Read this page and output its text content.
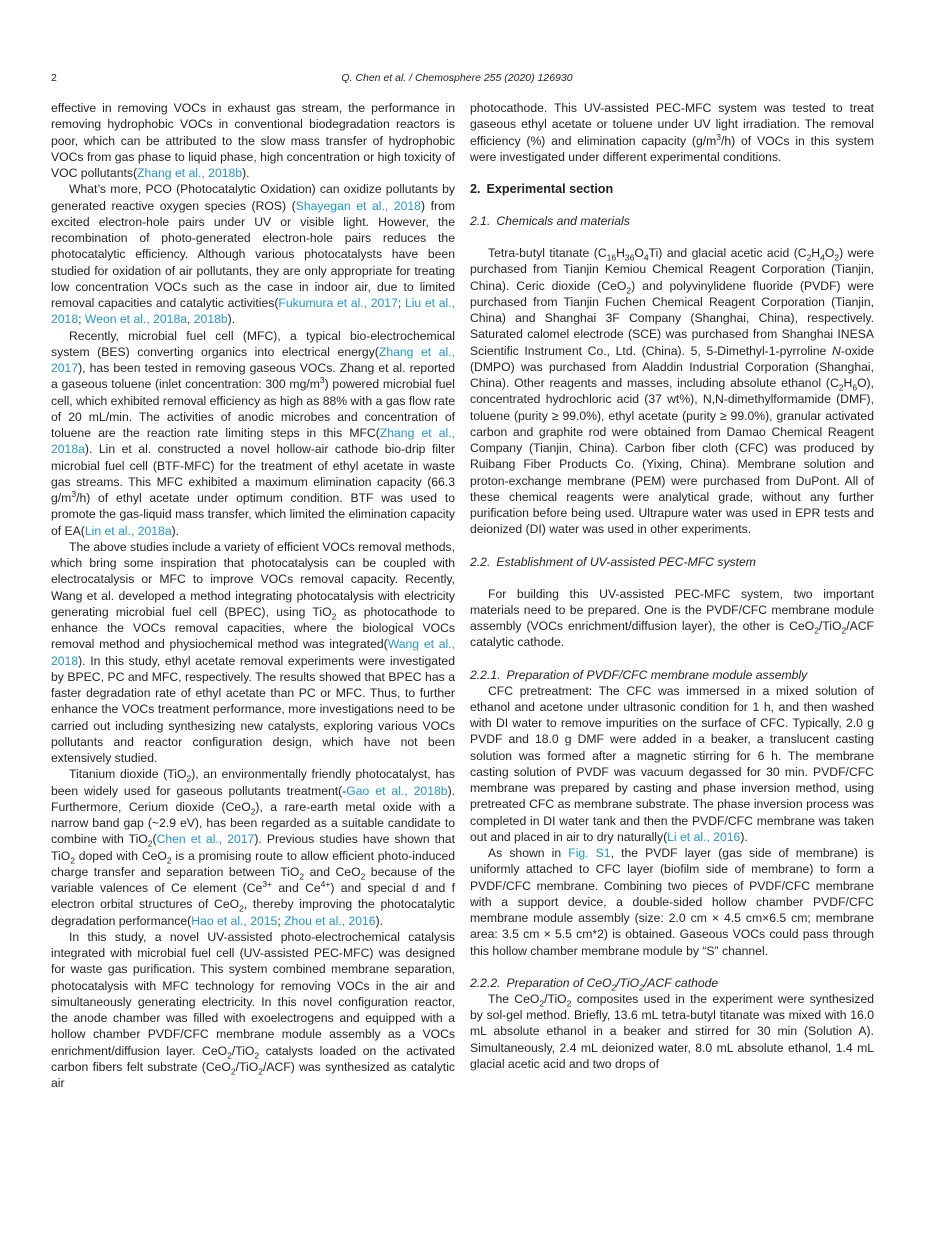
2	Q. Chen et al. / Chemosphere 255 (2020) 126930

effective in removing VOCs in exhaust gas stream, the performance in removing hydrophobic VOCs in conventional biodegradation reactors is poor, which can be attributed to the slow mass transfer of hydrophobic VOCs from gas phase to liquid phase, high concentration or high toxicity of VOC pollutants(Zhang et al., 2018b).

What’s more, PCO (Photocatalytic Oxidation) can oxidize pollutants by generated reactive oxygen species (ROS) (Shayegan et al., 2018) from excited electron-hole pairs under UV or visible light. However, the recombination of photo-generated electron-hole pairs reduces the photocatalytic efficiency. Although various photocatalysts have been studied for oxidation of air pollutants, they are only appropriate for treating low concentration VOCs such as the case in indoor air, due to limited removal capacities and catalytic activities(Fukumura et al., 2017; Liu et al., 2018; Weon et al., 2018a, 2018b).

Recently, microbial fuel cell (MFC), a typical bio-electrochemical system (BES) converting organics into electrical energy(Zhang et al., 2017), has been tested in removing gaseous VOCs. Zhang et al. reported a gaseous toluene (inlet concentration: 300 $mg/m^3$) powered microbial fuel cell, which exhibited removal efficiency as high as 88% with a gas flow rate of 20 mL/min. The activities of anodic microbes and concentration of toluene are the reaction rate limiting steps in this MFC(Zhang et al., 2018a). Lin et al. constructed a novel hollow-air cathode bio-drip filter microbial fuel cell (BTF-MFC) for the treatment of ethyl acetate in waste gas streams. This MFC exhibited a maximum elimination capacity (66.3 $g/m^3/h$) of ethyl acetate under optimum condition. BTF was used to promote the gas-liquid mass transfer, which limited the elimination capacity of EA(Lin et al., 2018a).

The above studies include a variety of efficient VOCs removal methods, which bring some inspiration that photocatalysis can be coupled with electrocatalysis or MFC to improve VOCs removal capacity. Recently, Wang et al. developed a method integrating photocatalysis with electricity generating microbial fuel cell (BPEC), using TiO$_2$ as photocathode to enhance the VOCs removal capacities, where the biological VOCs removal method and physiochemical method was integrated(Wang et al., 2018). In this study, ethyl acetate removal experiments were investigated by BPEC, PC and MFC, respectively. The results showed that BPEC has a faster degradation rate of ethyl acetate than PC or MFC. Thus, to further enhance the VOCs treatment performance, more investigations need to be carried out including synthesizing new catalysts, exploring various VOCs pollutants and reactor configuration design, which have not been extensively studied.

Titanium dioxide (TiO$_2$), an environmentally friendly photocatalyst, has been widely used for gaseous pollutants treatment(-Gao et al., 2018b). Furthermore, Cerium dioxide (CeO$_2$), a rare-earth metal oxide with a narrow band gap (~2.9 eV), has been regarded as a suitable candidate to combine with TiO$_2$(Chen et al., 2017). Previous studies have shown that TiO$_2$ doped with CeO$_2$ is a promising route to allow efficient photo-induced charge transfer and separation between TiO$_2$ and CeO$_2$ because of the variable valences of Ce element ($Ce^{3+}$ and $Ce^{4+}$) and special d and f electron orbital structures of CeO$_2$, thereby improving the photocatalytic degradation performance(Hao et al., 2015; Zhou et al., 2016).

In this study, a novel UV-assisted photo-electrochemical catalysis integrated with microbial fuel cell (UV-assisted PEC-MFC) was designed for waste gas purification. This system combined membrane separation, photocatalysis with MFC technology for removing VOCs in the air and simultaneously generating electricity. In this novel configuration reactor, the anode chamber was filled with exoelectrogens and equipped with a hollow chamber PVDF/CFC membrane module assembly as a VOCs enrichment/diffusion layer. CeO$_2$/TiO$_2$ catalysts loaded on the activated carbon fibers felt substrate (CeO$_2$/TiO$_2$/ACF) was synthesized as catalytic air

photocathode. This UV-assisted PEC-MFC system was tested to treat gaseous ethyl acetate or toluene under UV light irradiation. The removal efficiency (%) and elimination capacity $(g/m^3/h)$ of VOCs in this system were investigated under different experimental conditions.

2. Experimental section
2.1. Chemicals and materials

Tetra-butyl titanate $(C_{16}H_{36}O_4Ti)$ and glacial acetic acid $(C_2H_4O_2)$ were purchased from Tianjin Kemiou Chemical Reagent Corporation (Tianjin, China). Ceric dioxide (CeO$_2$) and polyvinylidene fluoride (PVDF) were purchased from Tianjin Fuchen Chemical Reagent Corporation (Tianjin, China) and Shanghai 3F Company (Shanghai, China), respectively. Saturated calomel electrode (SCE) was purchased from Shanghai INESA Scientific Instrument Co., Ltd. (China). 5, 5-Dimethyl-1-pyrroline N-oxide (DMPO) was purchased from Aladdin Industrial Corporation (Shanghai, China). Other reagents and masses, including absolute ethanol $(C_2H_6O)$, concentrated hydrochloric acid (37 wt%), N,N-dimethylformamide (DMF), toluene (purity ≥ 99.0%), ethyl acetate (purity ≥ 99.0%), granular activated carbon and graphite rod were obtained from Damao Chemical Reagent Company (Tianjin, China). Carbon fiber cloth (CFC) was produced by Ruibang Fiber Products Co. (Yixing, China). Membrane solution and proton-exchange membrane (PEM) were purchased from DuPont. All of these chemical reagents were analytical grade, without any further purification before being used. Ultrapure water was used in EPR tests and deionized (DI) water was used in other experiments.

2.2. Establishment of UV-assisted PEC-MFC system

For building this UV-assisted PEC-MFC system, two important materials need to be prepared. One is the PVDF/CFC membrane module assembly (VOCs enrichment/diffusion layer), the other is CeO$_2$/TiO$_2$/ACF catalytic cathode.

2.2.1. Preparation of PVDF/CFC membrane module assembly

CFC pretreatment: The CFC was immersed in a mixed solution of ethanol and acetone under ultrasonic condition for 1 h, and then washed with DI water to remove impurities on the surface of CFC. Typically, 2.0 g PVDF and 18.0 g DMF were added in a beaker, a translucent casting solution was formed after a magnetic stirring for 6 h. The membrane casting solution of PVDF was vacuum degassed for 30 min. PVDF/CFC membrane was prepared by casting and phase inversion method, using pretreated CFC as membrane substrate. The phase inversion process was completed in DI water tank and then the PVDF/CFC membrane was taken out and placed in air to dry naturally(Li et al., 2016).

As shown in Fig. S1, the PVDF layer (gas side of membrane) is uniformly attached to CFC layer (biofilm side of membrane) to form a PVDF/CFC membrane. Combining two pieces of PVDF/CFC membrane with a support device, a double-sided hollow chamber PVDF/CFC membrane module assembly (size: 2.0 cm × 4.5 cm×6.5 cm; membrane area: 3.5 cm × 5.5 cm*2) is obtained. Gaseous VOCs could pass through this hollow chamber membrane module by “S” channel.

2.2.2. Preparation of CeO$_2$/TiO$_2$/ACF cathode

The CeO$_2$/TiO$_2$ composites used in the experiment were synthesized by sol-gel method. Briefly, 13.6 mL tetra-butyl titanate was mixed with 16.0 mL absolute ethanol in a beaker and stirred for 30 min (Solution A). Simultaneously, 2.4 mL deionized water, 8.0 mL absolute ethanol, 1.4 mL glacial acetic acid and two drops of
